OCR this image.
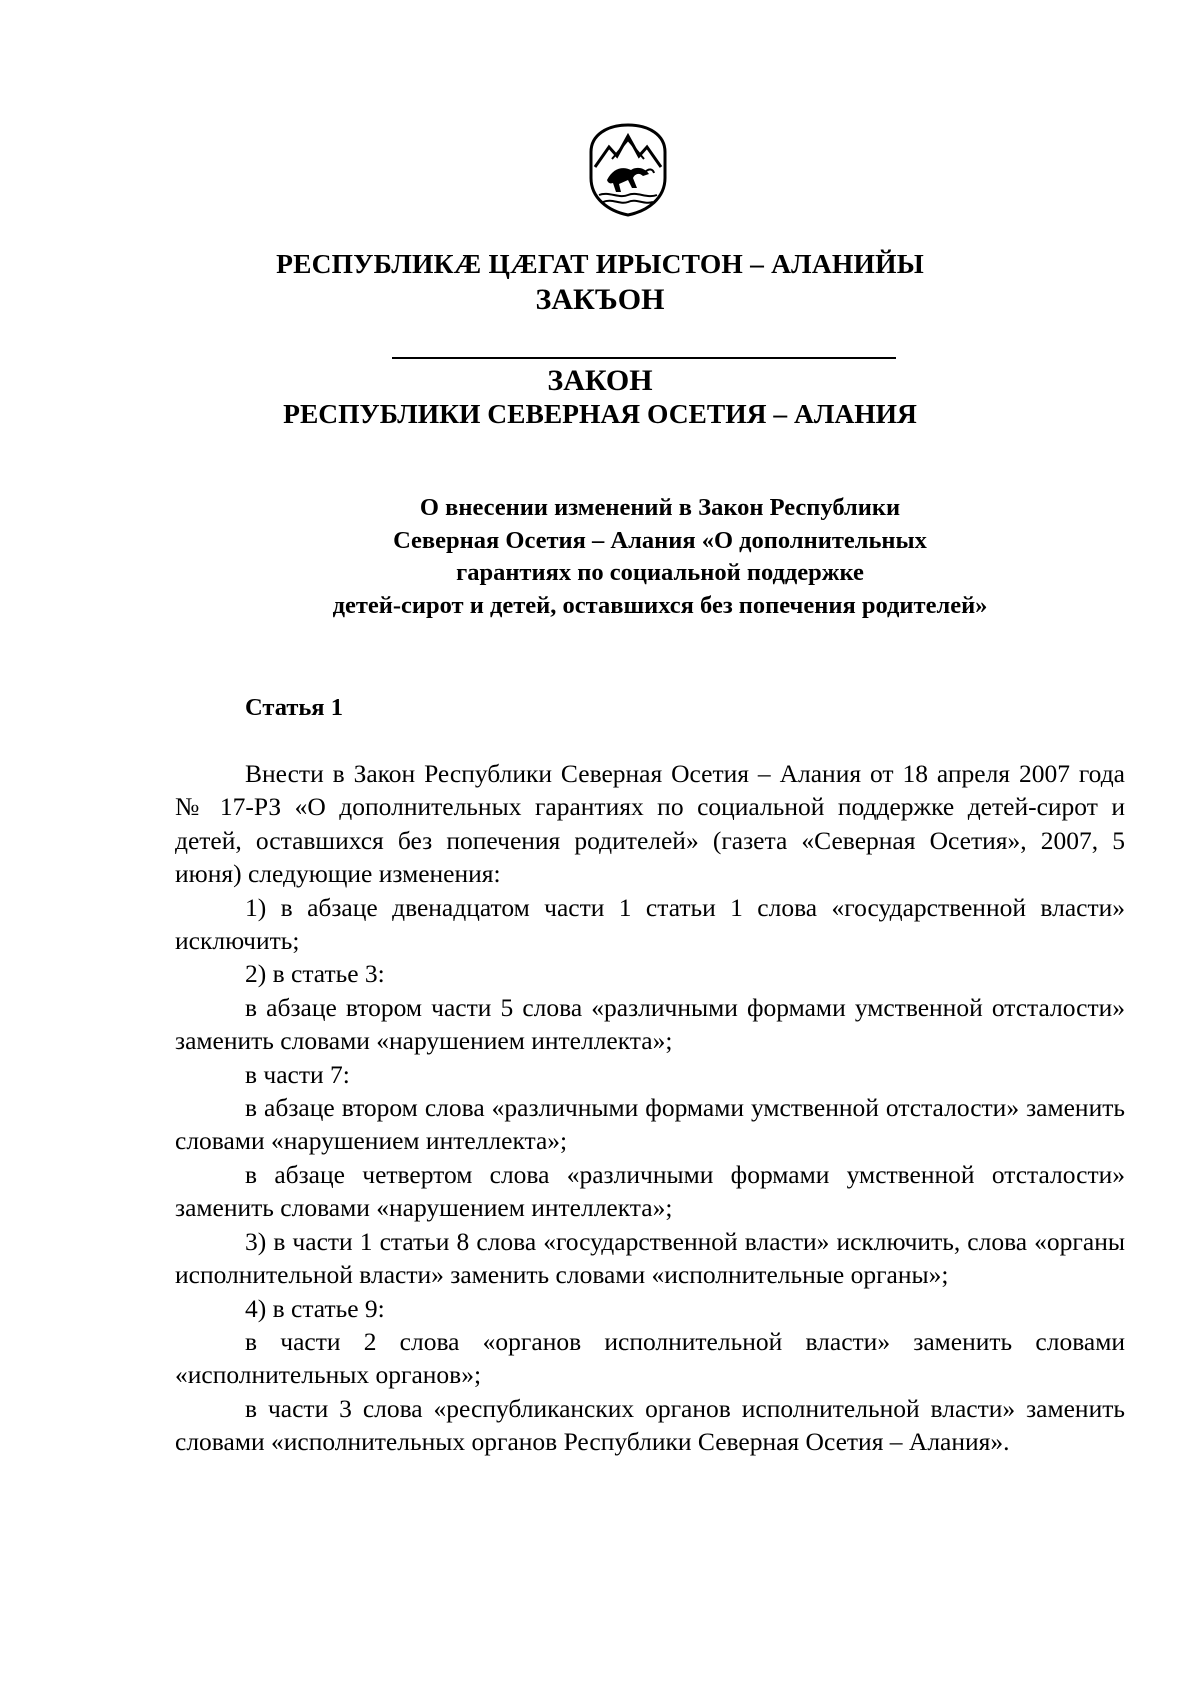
РЕСПУБЛИКÆ ЦÆГАТ ИРЫСТОН – АЛАНИЙЫ
ЗАКЪОН
ЗАКОН
РЕСПУБЛИКИ СЕВЕРНАЯ ОСЕТИЯ – АЛАНИЯ
О внесении изменений в Закон Республики
Северная Осетия – Алания «О дополнительных
гарантиях по социальной поддержке
детей-сирот и детей, оставшихся без попечения родителей»
Статья 1

Внести в Закон Республики Северная Осетия – Алания от 18 апреля 2007 года № 17-РЗ «О дополнительных гарантиях по социальной поддержке детей-сирот и детей, оставшихся без попечения родителей» (газета «Северная Осетия», 2007, 5 июня) следующие изменения:

1) в абзаце двенадцатом части 1 статьи 1 слова «государственной власти» исключить;

2) в статье 3:

в абзаце втором части 5 слова «различными формами умственной отсталости» заменить словами «нарушением интеллекта»;

в части 7:

в абзаце втором слова «различными формами умственной отсталости» заменить словами «нарушением интеллекта»;

в абзаце четвертом слова «различными формами умственной отсталости» заменить словами «нарушением интеллекта»;

3) в части 1 статьи 8 слова «государственной власти» исключить, слова «органы исполнительной власти» заменить словами «исполнительные органы»;

4) в статье 9:

в части 2 слова «органов исполнительной власти» заменить словами «исполнительных органов»;

в части 3 слова «республиканских органов исполнительной власти» заменить словами «исполнительных органов Республики Северная Осетия – Алания».
